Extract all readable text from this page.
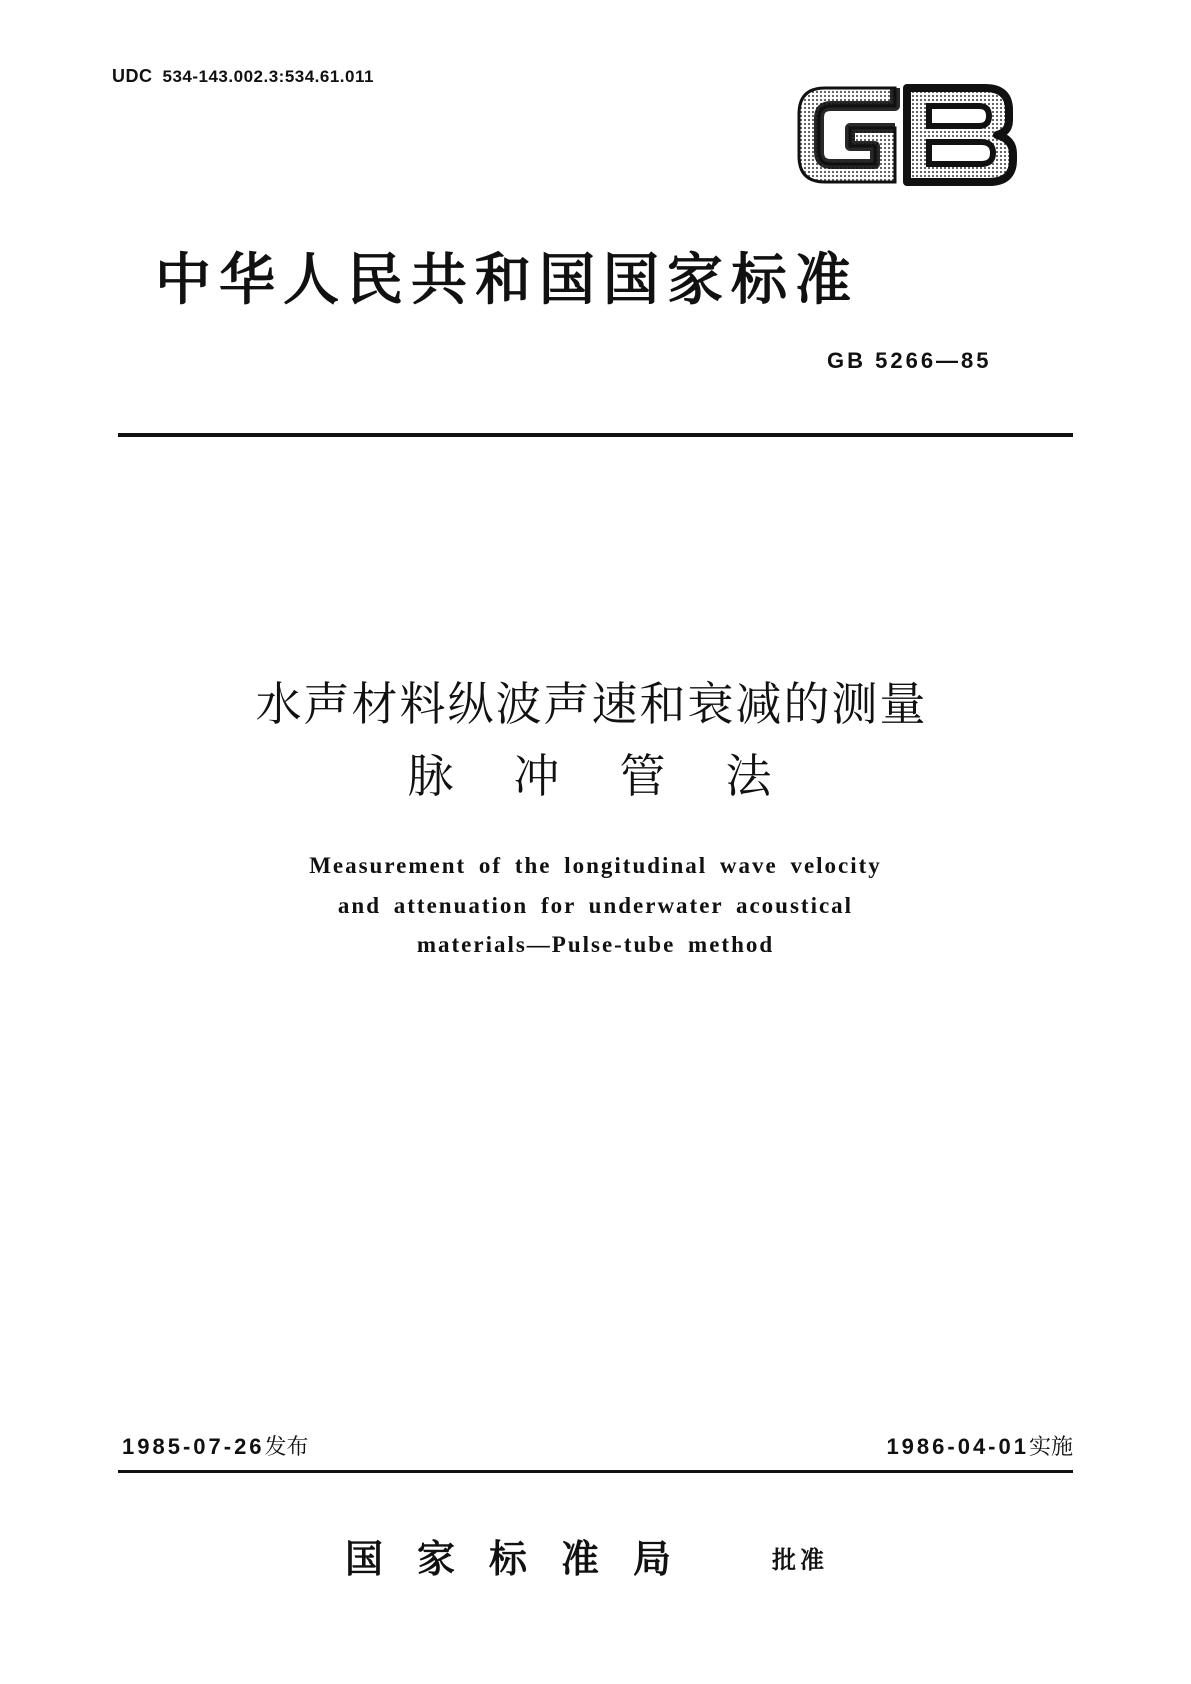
UDC 534-143.002.3:534.61.011
中华人民共和国国家标准
GB 5266—85
水声材料纵波声速和衰减的测量
脉冲管法
Measurement of the longitudinal wave velocity
and attenuation for underwater acoustical
materials—Pulse-tube method
1985-07-26发布	1986-04-01实施
国家标准局	批准
